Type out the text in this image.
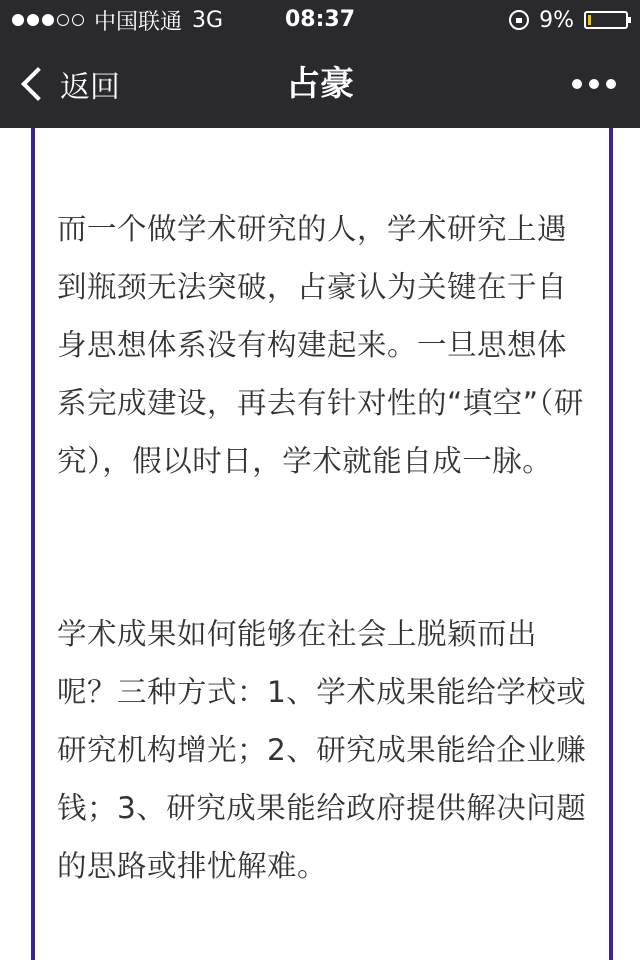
中国联通 3G	08:37	9%
返回	占豪

而一个做学术研究的人，学术研究上遇到瓶颈无法突破，占豪认为关键在于自身思想体系没有构建起来。一旦思想体系完成建设，再去有针对性的“填空”（研究），假以时日，学术就能自成一脉。

学术成果如何能够在社会上脱颖而出呢？三种方式：1、学术成果能给学校或研究机构增光；2、研究成果能给企业赚钱；3、研究成果能给政府提供解决问题的思路或排忧解难。
